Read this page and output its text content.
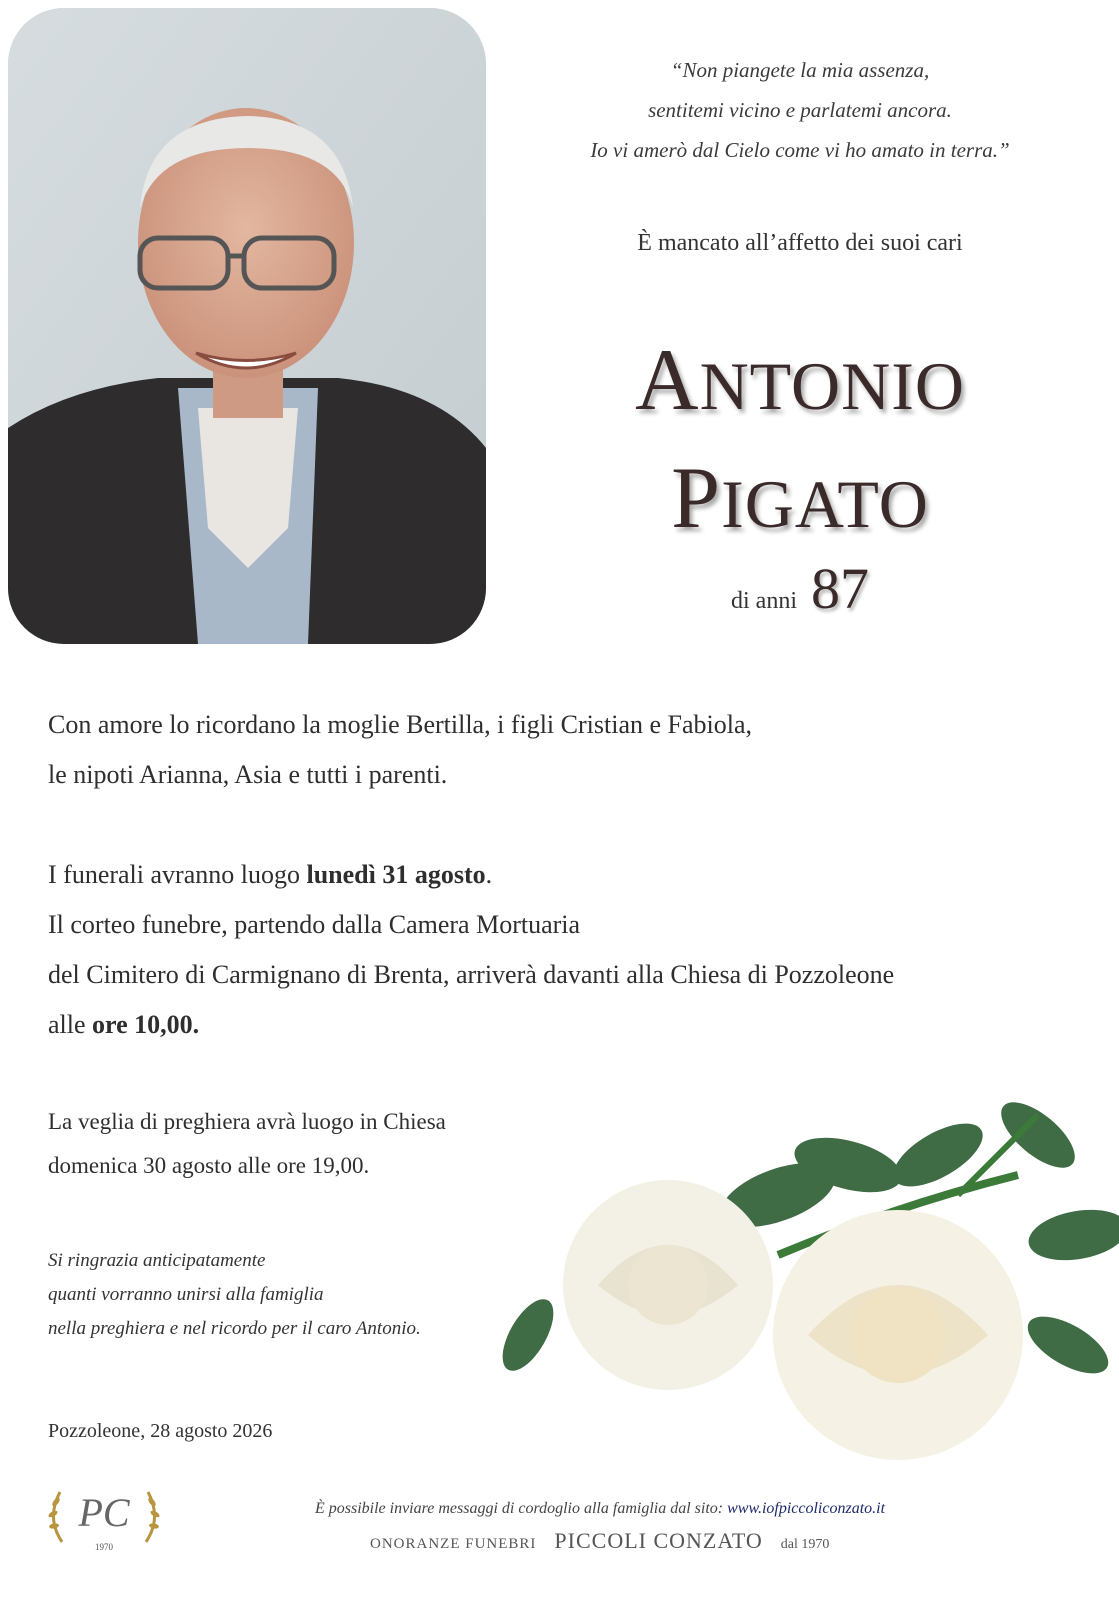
“Non piangete la mia assenza,
sentitemi vicino e parlatemi ancora.
Io vi amerò dal Cielo come vi ho amato in terra.”
È mancato all’affetto dei suoi cari
ANTONIO
PIGATO
di anni 87
Con amore lo ricordano la moglie Bertilla, i figli Cristian e Fabiola,
le nipoti Arianna, Asia e tutti i parenti.
I funerali avranno luogo lunedì 31 agosto.
Il corteo funebre, partendo dalla Camera Mortuaria
del Cimitero di Carmignano di Brenta, arriverà davanti alla Chiesa di Pozzoleone
alle ore 10,00.
La veglia di preghiera avrà luogo in Chiesa
domenica 30 agosto alle ore 19,00.
Si ringrazia anticipatamente
quanti vorranno unirsi alla famiglia
nella preghiera e nel ricordo per il caro Antonio.
Pozzoleone, 28 agosto 2026
PC
1970
È possibile inviare messaggi di cordoglio alla famiglia dal sito: www.iofpiccoliconzato.it
ONORANZE FUNEBRI PICCOLI CONZATO dal 1970
